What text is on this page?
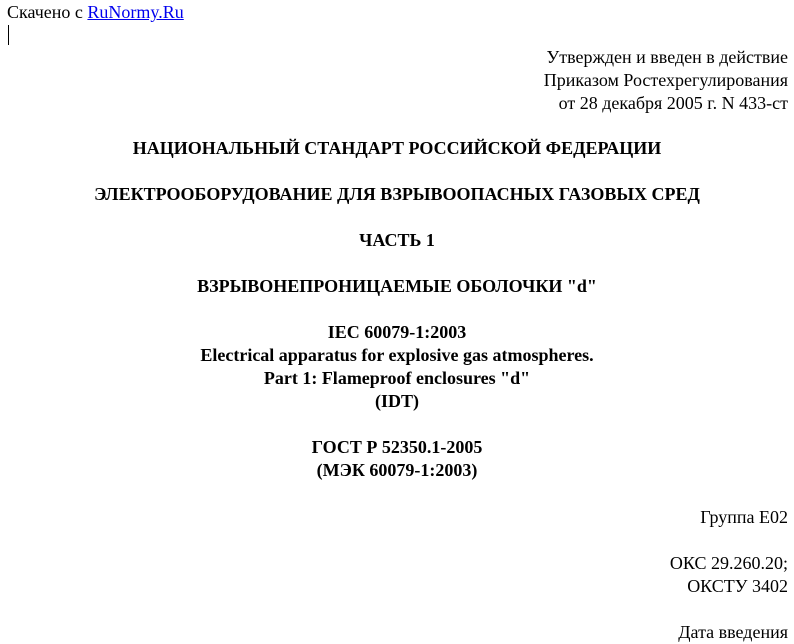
Скачено с RuNormy.Ru
Утвержден и введен в действие
Приказом Ростехрегулирования
от 28 декабря 2005 г. N 433-ст
НАЦИОНАЛЬНЫЙ СТАНДАРТ РОССИЙСКОЙ ФЕДЕРАЦИИ
ЭЛЕКТРООБОРУДОВАНИЕ ДЛЯ ВЗРЫВООПАСНЫХ ГАЗОВЫХ СРЕД
ЧАСТЬ 1
ВЗРЫВОНЕПРОНИЦАЕМЫЕ ОБОЛОЧКИ "d"
IEC 60079-1:2003
Electrical apparatus for explosive gas atmospheres.
Part 1: Flameproof enclosures "d"
(IDT)
ГОСТ Р 52350.1-2005
(МЭК 60079-1:2003)
Группа Е02
ОКС 29.260.20;
ОКСТУ 3402
Дата введения
